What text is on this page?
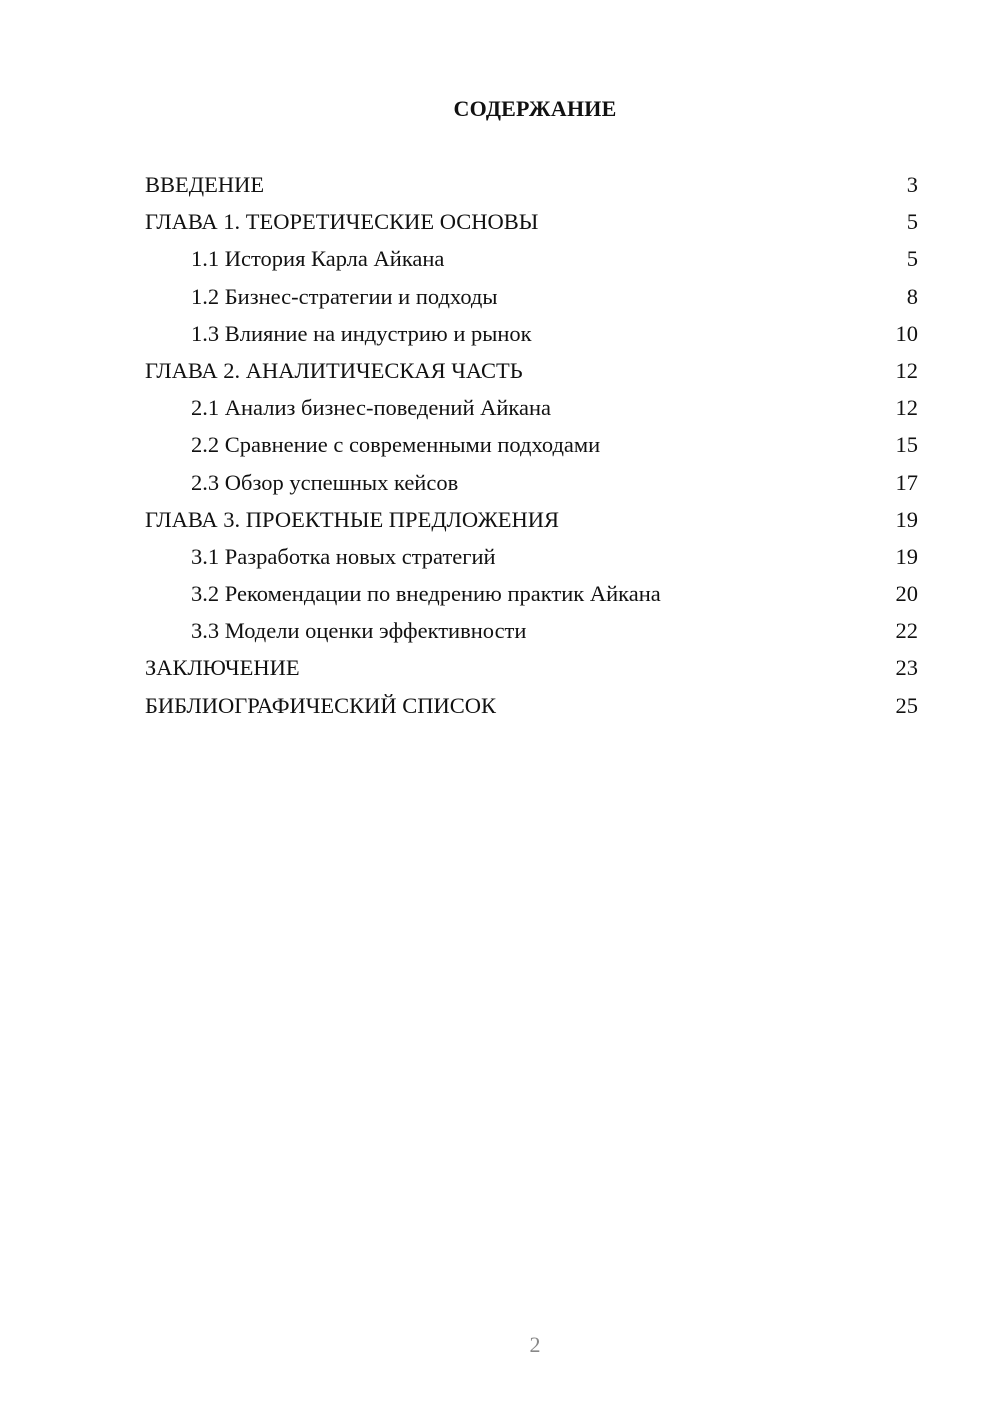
СОДЕРЖАНИЕ
ВВЕДЕНИЕ	3
ГЛАВА 1. ТЕОРЕТИЧЕСКИЕ ОСНОВЫ	5
1.1 История Карла Айкана	5
1.2 Бизнес-стратегии и подходы	8
1.3 Влияние на индустрию и рынок	10
ГЛАВА 2. АНАЛИТИЧЕСКАЯ ЧАСТЬ	12
2.1 Анализ бизнес-поведений Айкана	12
2.2 Сравнение с современными подходами	15
2.3 Обзор успешных кейсов	17
ГЛАВА 3. ПРОЕКТНЫЕ ПРЕДЛОЖЕНИЯ	19
3.1 Разработка новых стратегий	19
3.2 Рекомендации по внедрению практик Айкана	20
3.3 Модели оценки эффективности	22
ЗАКЛЮЧЕНИЕ	23
БИБЛИОГРАФИЧЕСКИЙ СПИСОК	25
2
